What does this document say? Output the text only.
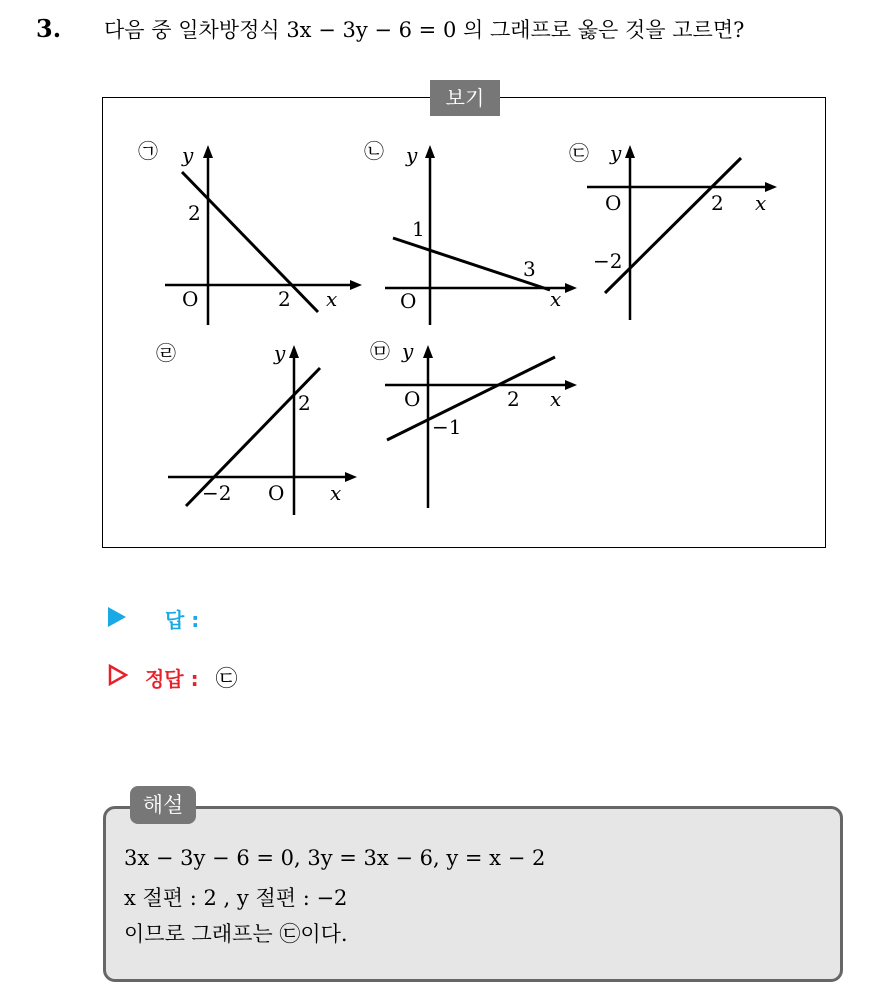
3. 다음 중 일차방정식 3x − 3y − 6 = 0 의 그래프로 옳은 것을 고르면?
보기
㉠ y
2
O	2 x
㉡ y
1
O
3
x
㉢ y
O	2 x
−2
㉣	y
2
−2 O x
㉤ y
O	2 x
−1
답 :
정답 : ㉢
해설
3x − 3y − 6 = 0, 3y = 3x − 6, y = x − 2
x 절편 : 2 , y 절편 : −2
이므로 그래프는 ㉢이다.
